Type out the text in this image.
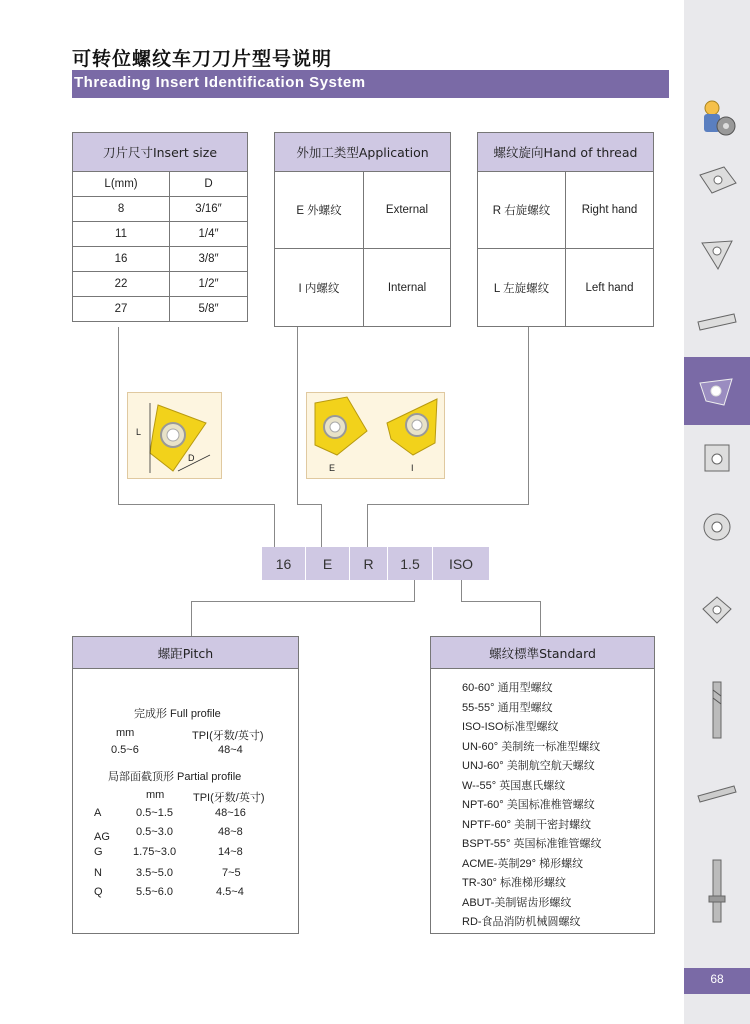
可转位螺纹车刀刀片型号说明
Threading Insert Identification System
刀片尺寸Insert size
L(mm)	D
8	3/16″
11	1/4″
16	3/8″
22	1/2″
27	5/8″
外加工类型Application
E 外螺纹	External
I 内螺纹	Internal
螺纹旋向Hand of thread
R 右旋螺纹	Right hand
L 左旋螺纹	Left hand
L
D
E	I
16	E	R	1.5	ISO
螺距Pitch
完成形 Full profile
mm	TPI(牙数/英寸)
0.5~6	48~4
局部面截顶形 Partial profile
mm	TPI(牙数/英寸)
A	0.5~1.5	48~16
AG 0.5~3.0	48~8
G	1.75~3.0	14~8
N	3.5~5.0	7~5
Q	5.5~6.0	4.5~4
螺纹標準Standard
60-60° 通用型螺纹
55-55° 通用型螺纹
ISO-ISO标准型螺纹
UN-60° 美制统一标准型螺纹
UNJ-60° 美制航空航天螺纹
W--55° 英国惠氏螺纹
NPT-60° 美国标准椎管螺纹
NPTF-60° 美制干密封螺纹
BSPT-55° 英国标准锥管螺纹
ACME-英制29° 梯形螺纹
TR-30° 标准梯形螺纹
ABUT-美制锯齿形螺纹
RD-食品消防机械圆螺纹
68
